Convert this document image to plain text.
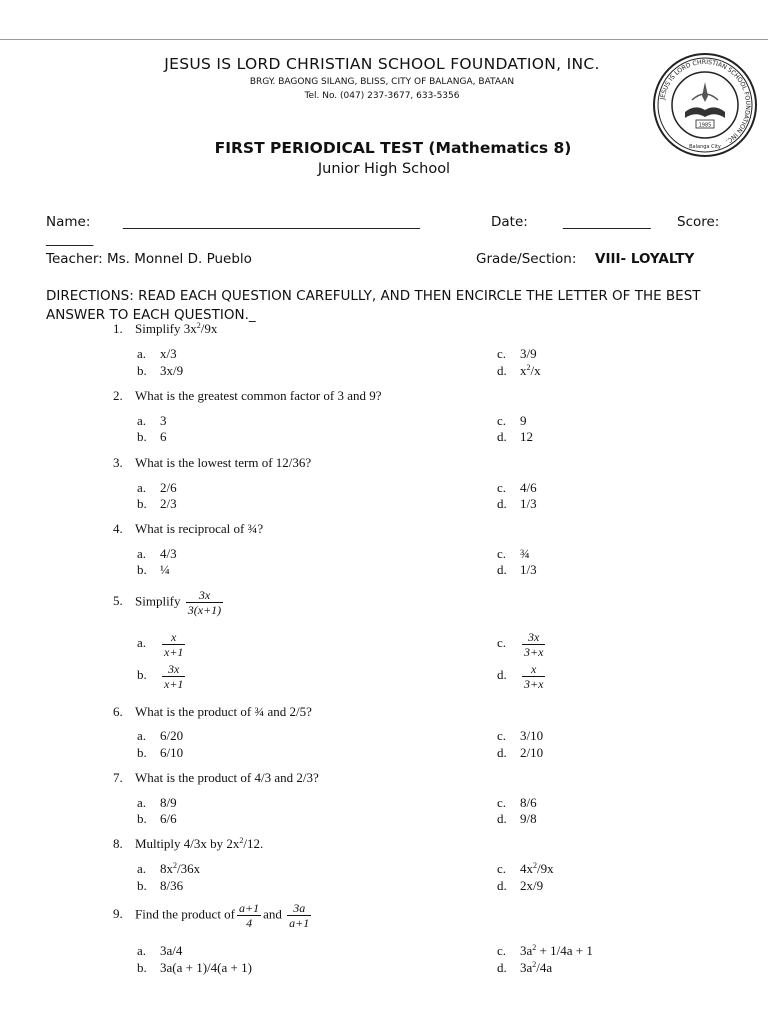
JESUS IS LORD CHRISTIAN SCHOOL FOUNDATION, INC.
BRGY. BAGONG SILANG, BLISS, CITY OF BALANGA, BATAAN
Tel. No. (047) 237-3677, 633-5356	JESUS IS LORD CHRISTIAN SCHOOL FOUNDATION INC.
Balanga City
1985
FIRST PERIODICAL TEST (Mathematics 8)
Junior High School
Name: ____________________________________________	Date:	_____________ Score:
_______
Teacher: Ms. Monnel D. Pueblo	Grade/Section: VIII- LOYALTY
DIRECTIONS: READ EACH QUESTION CAREFULLY, AND THEN ENCIRCLE THE LETTER OF THE BEST ANSWER TO EACH QUESTION._
1. Simplify $3x^2/9x$
a. x/3
b. 3x/9
c. 3/9
d. $x^2/x$
2. What is the greatest common factor of 3 and 9?
a. 3
b. 6
c. 9
d. 12
3. What is the lowest term of 12/36?
a. 2/6
b. 2/3
c. 4/6
d. 1/3
4. What is reciprocal of ¾?
a. 4/3
b. ¼
c. ¾
d. 1/3
5. Simplify $\frac{3x}{3(x+1)}$
a. $\frac{x}{x+1}$
b. $\frac{3x}{x+1}$
c. $\frac{3x}{3+x}$
d. $\frac{x}{3+x}$
6. What is the product of ¾ and 2/5?
a. 6/20
b. 6/10
c. 3/10
d. 2/10
7. What is the product of 4/3 and 2/3?
a. 8/9
b. 6/6
c. 8/6
d. 9/8
8. Multiply 4/3x by $2x^2/12$.
a. $8x^2/36x$
b. 8/36
c. $4x^2/9x$
d. 2x/9
9. Find the product of $\frac{a+1}{4}$ and $\frac{3a}{a+1}$
a. 3a/4
b. 3a(a + 1)/4(a + 1)
c. $3a^2 + 1/4a + 1$
d. $3a^2/4a$
